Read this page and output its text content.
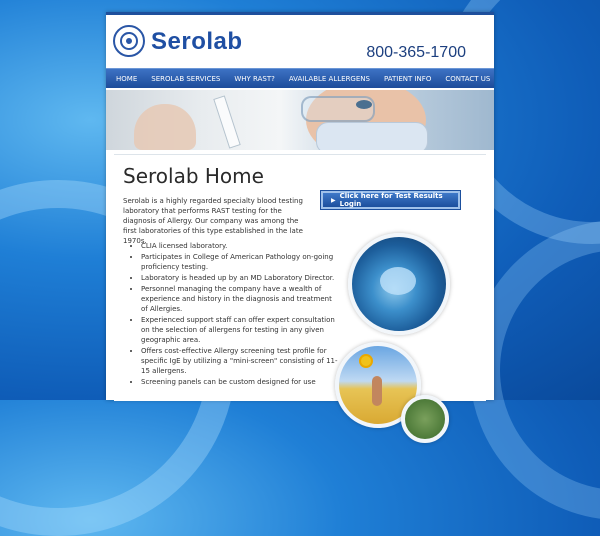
Serolab	800-365-1700
HOME	SEROLAB SERVICES	WHY RAST?	AVAILABLE ALLERGENS	PATIENT INFO	CONTACT US
Serolab Home

Serolab is a highly regarded specialty blood testing laboratory that performs RAST testing for the diagnosis of Allergy. Our company was among the first laboratories of this type established in the late 1970s.

• CLIA licensed laboratory.
• Participates in College of American Pathology on-going proficiency testing.
• Laboratory is headed up by an MD Laboratory Director.
• Personnel managing the company have a wealth of experience and history in the diagnosis and treatment of Allergies.
• Experienced support staff can offer expert consultation on the selection of allergens for testing in any given geographic area.
• Offers cost-effective Allergy screening test profile for specific IgE by utilizing a "mini-screen" consisting of 11-15 allergens.
• Screening panels can be custom designed for use
▶ Click here for Test Results Login
